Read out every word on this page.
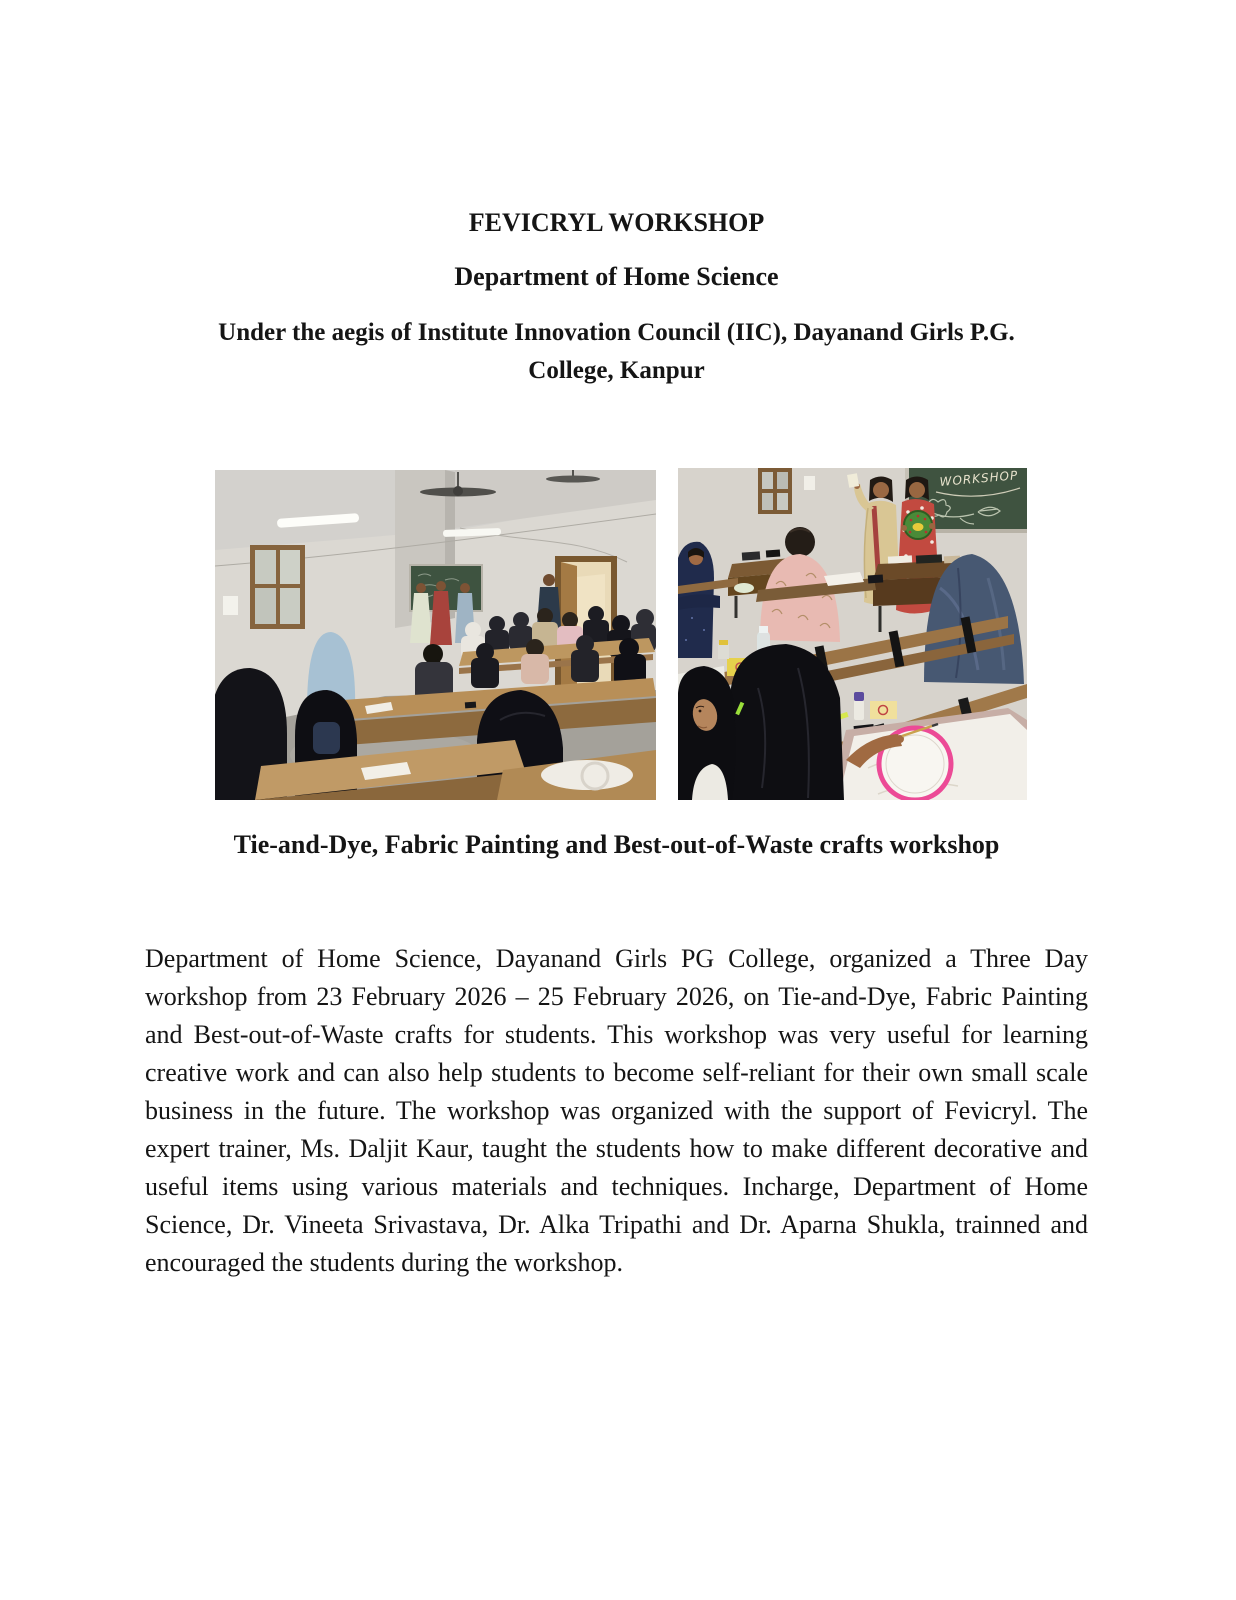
FEVICRYL WORKSHOP

Department of Home Science

Under the aegis of Institute Innovation Council (IIC), Dayanand Girls P.G.
College, Kanpur

WORKSHOP

Tie-and-Dye, Fabric Painting and Best-out-of-Waste crafts workshop

Department of Home Science, Dayanand Girls PG College, organized a Three Day workshop from 23 February 2026 – 25 February 2026, on Tie-and-Dye, Fabric Painting and Best-out-of-Waste crafts for students. This workshop was very useful for learning creative work and can also help students to become self-reliant for their own small scale business in the future. The workshop was organized with the support of Fevicryl. The expert trainer, Ms. Daljit Kaur, taught the students how to make different decorative and useful items using various materials and techniques. Incharge, Department of Home Science, Dr. Vineeta Srivastava, Dr. Alka Tripathi and Dr. Aparna Shukla, trainned and encouraged the students during the workshop.
